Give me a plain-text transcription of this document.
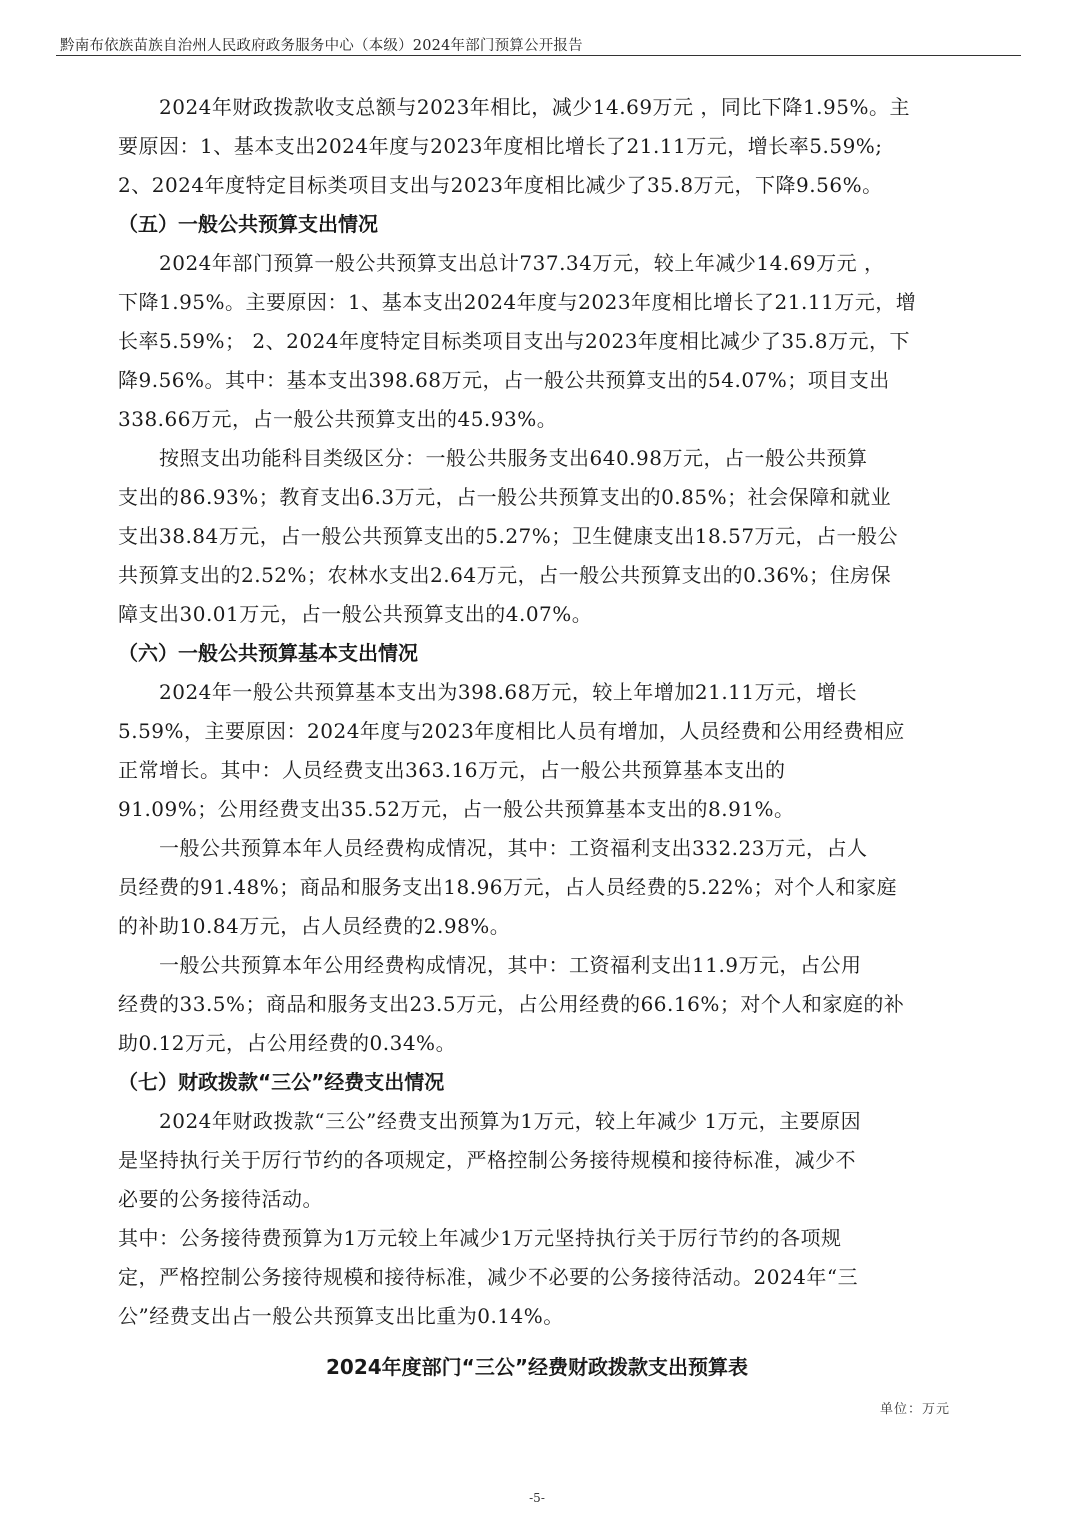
黔南布依族苗族自治州人民政府政务服务中心（本级）2024年部门预算公开报告
　　2024年财政拨款收支总额与2023年相比，减少14.69万元 ，同比下降1.95%。主
要原因：1、基本支出2024年度与2023年度相比增长了21.11万元，增长率5.59%;
2、2024年度特定目标类项目支出与2023年度相比减少了35.8万元，下降9.56%。
（五）一般公共预算支出情况
　　2024年部门预算一般公共预算支出总计737.34万元，较上年减少14.69万元 ，
下降1.95%。主要原因：1、基本支出2024年度与2023年度相比增长了21.11万元，增
长率5.59%； 2、2024年度特定目标类项目支出与2023年度相比减少了35.8万元，下
降9.56%。其中：基本支出398.68万元，占一般公共预算支出的54.07%；项目支出
338.66万元，占一般公共预算支出的45.93%。
　　按照支出功能科目类级区分：一般公共服务支出640.98万元，占一般公共预算
支出的86.93%；教育支出6.3万元，占一般公共预算支出的0.85%；社会保障和就业
支出38.84万元，占一般公共预算支出的5.27%；卫生健康支出18.57万元，占一般公
共预算支出的2.52%；农林水支出2.64万元，占一般公共预算支出的0.36%；住房保
障支出30.01万元，占一般公共预算支出的4.07%。
（六）一般公共预算基本支出情况
　　2024年一般公共预算基本支出为398.68万元，较上年增加21.11万元，增长
5.59%，主要原因：2024年度与2023年度相比人员有增加，人员经费和公用经费相应
正常增长。其中：人员经费支出363.16万元，占一般公共预算基本支出的
91.09%；公用经费支出35.52万元，占一般公共预算基本支出的8.91%。
　　一般公共预算本年人员经费构成情况，其中：工资福利支出332.23万元，占人
员经费的91.48%；商品和服务支出18.96万元，占人员经费的5.22%；对个人和家庭
的补助10.84万元，占人员经费的2.98%。
　　一般公共预算本年公用经费构成情况，其中：工资福利支出11.9万元，占公用
经费的33.5%；商品和服务支出23.5万元，占公用经费的66.16%；对个人和家庭的补
助0.12万元，占公用经费的0.34%。
（七）财政拨款“三公”经费支出情况
　　2024年财政拨款“三公”经费支出预算为1万元，较上年减少 1万元，主要原因
是坚持执行关于厉行节约的各项规定，严格控制公务接待规模和接待标准，减少不
必要的公务接待活动。
其中：公务接待费预算为1万元较上年减少1万元坚持执行关于厉行节约的各项规
定，严格控制公务接待规模和接待标准，减少不必要的公务接待活动。2024年“三
公”经费支出占一般公共预算支出比重为0.14%。
2024年度部门“三公”经费财政拨款支出预算表
单位：万元
-5-
